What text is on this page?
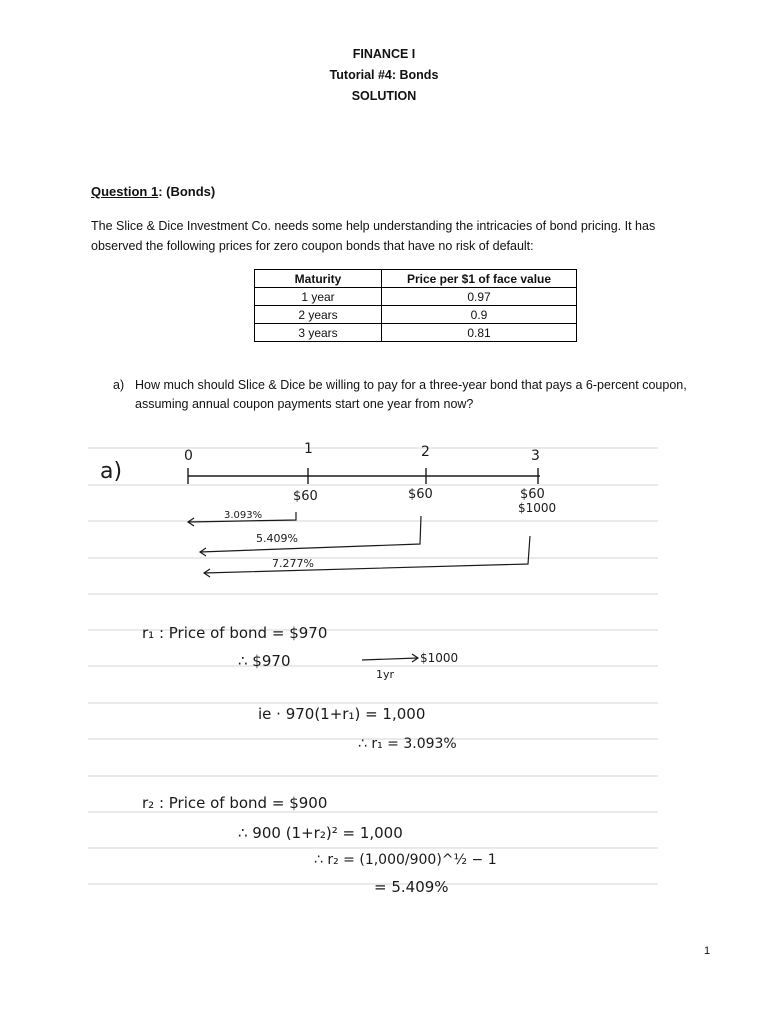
FINANCE I
Tutorial #4: Bonds
SOLUTION
Question 1: (Bonds)
The Slice & Dice Investment Co. needs some help understanding the intricacies of bond pricing. It has observed the following prices for zero coupon bonds that have no risk of default:
Maturity	Price per $1 of face value
1 year	0.97
2 years	0.9
3 years	0.81
a) How much should Slice & Dice be willing to pay for a three-year bond that pays a 6-percent coupon, assuming annual coupon payments start one year from now?
a)
0	1	2	3
$60	$60	$60
$1000
3.093%
5.409%
7.277%
r₁ : Price of bond = $970
∴ $970	$1000
1yr
ie · 970(1+r₁) = 1,000
∴ r₁ = 3.093%
r₂ : Price of bond = $900
∴ 900 (1+r₂)² = 1,000
∴ r₂ = (1,000/900)^½ − 1
= 5.409%
1
